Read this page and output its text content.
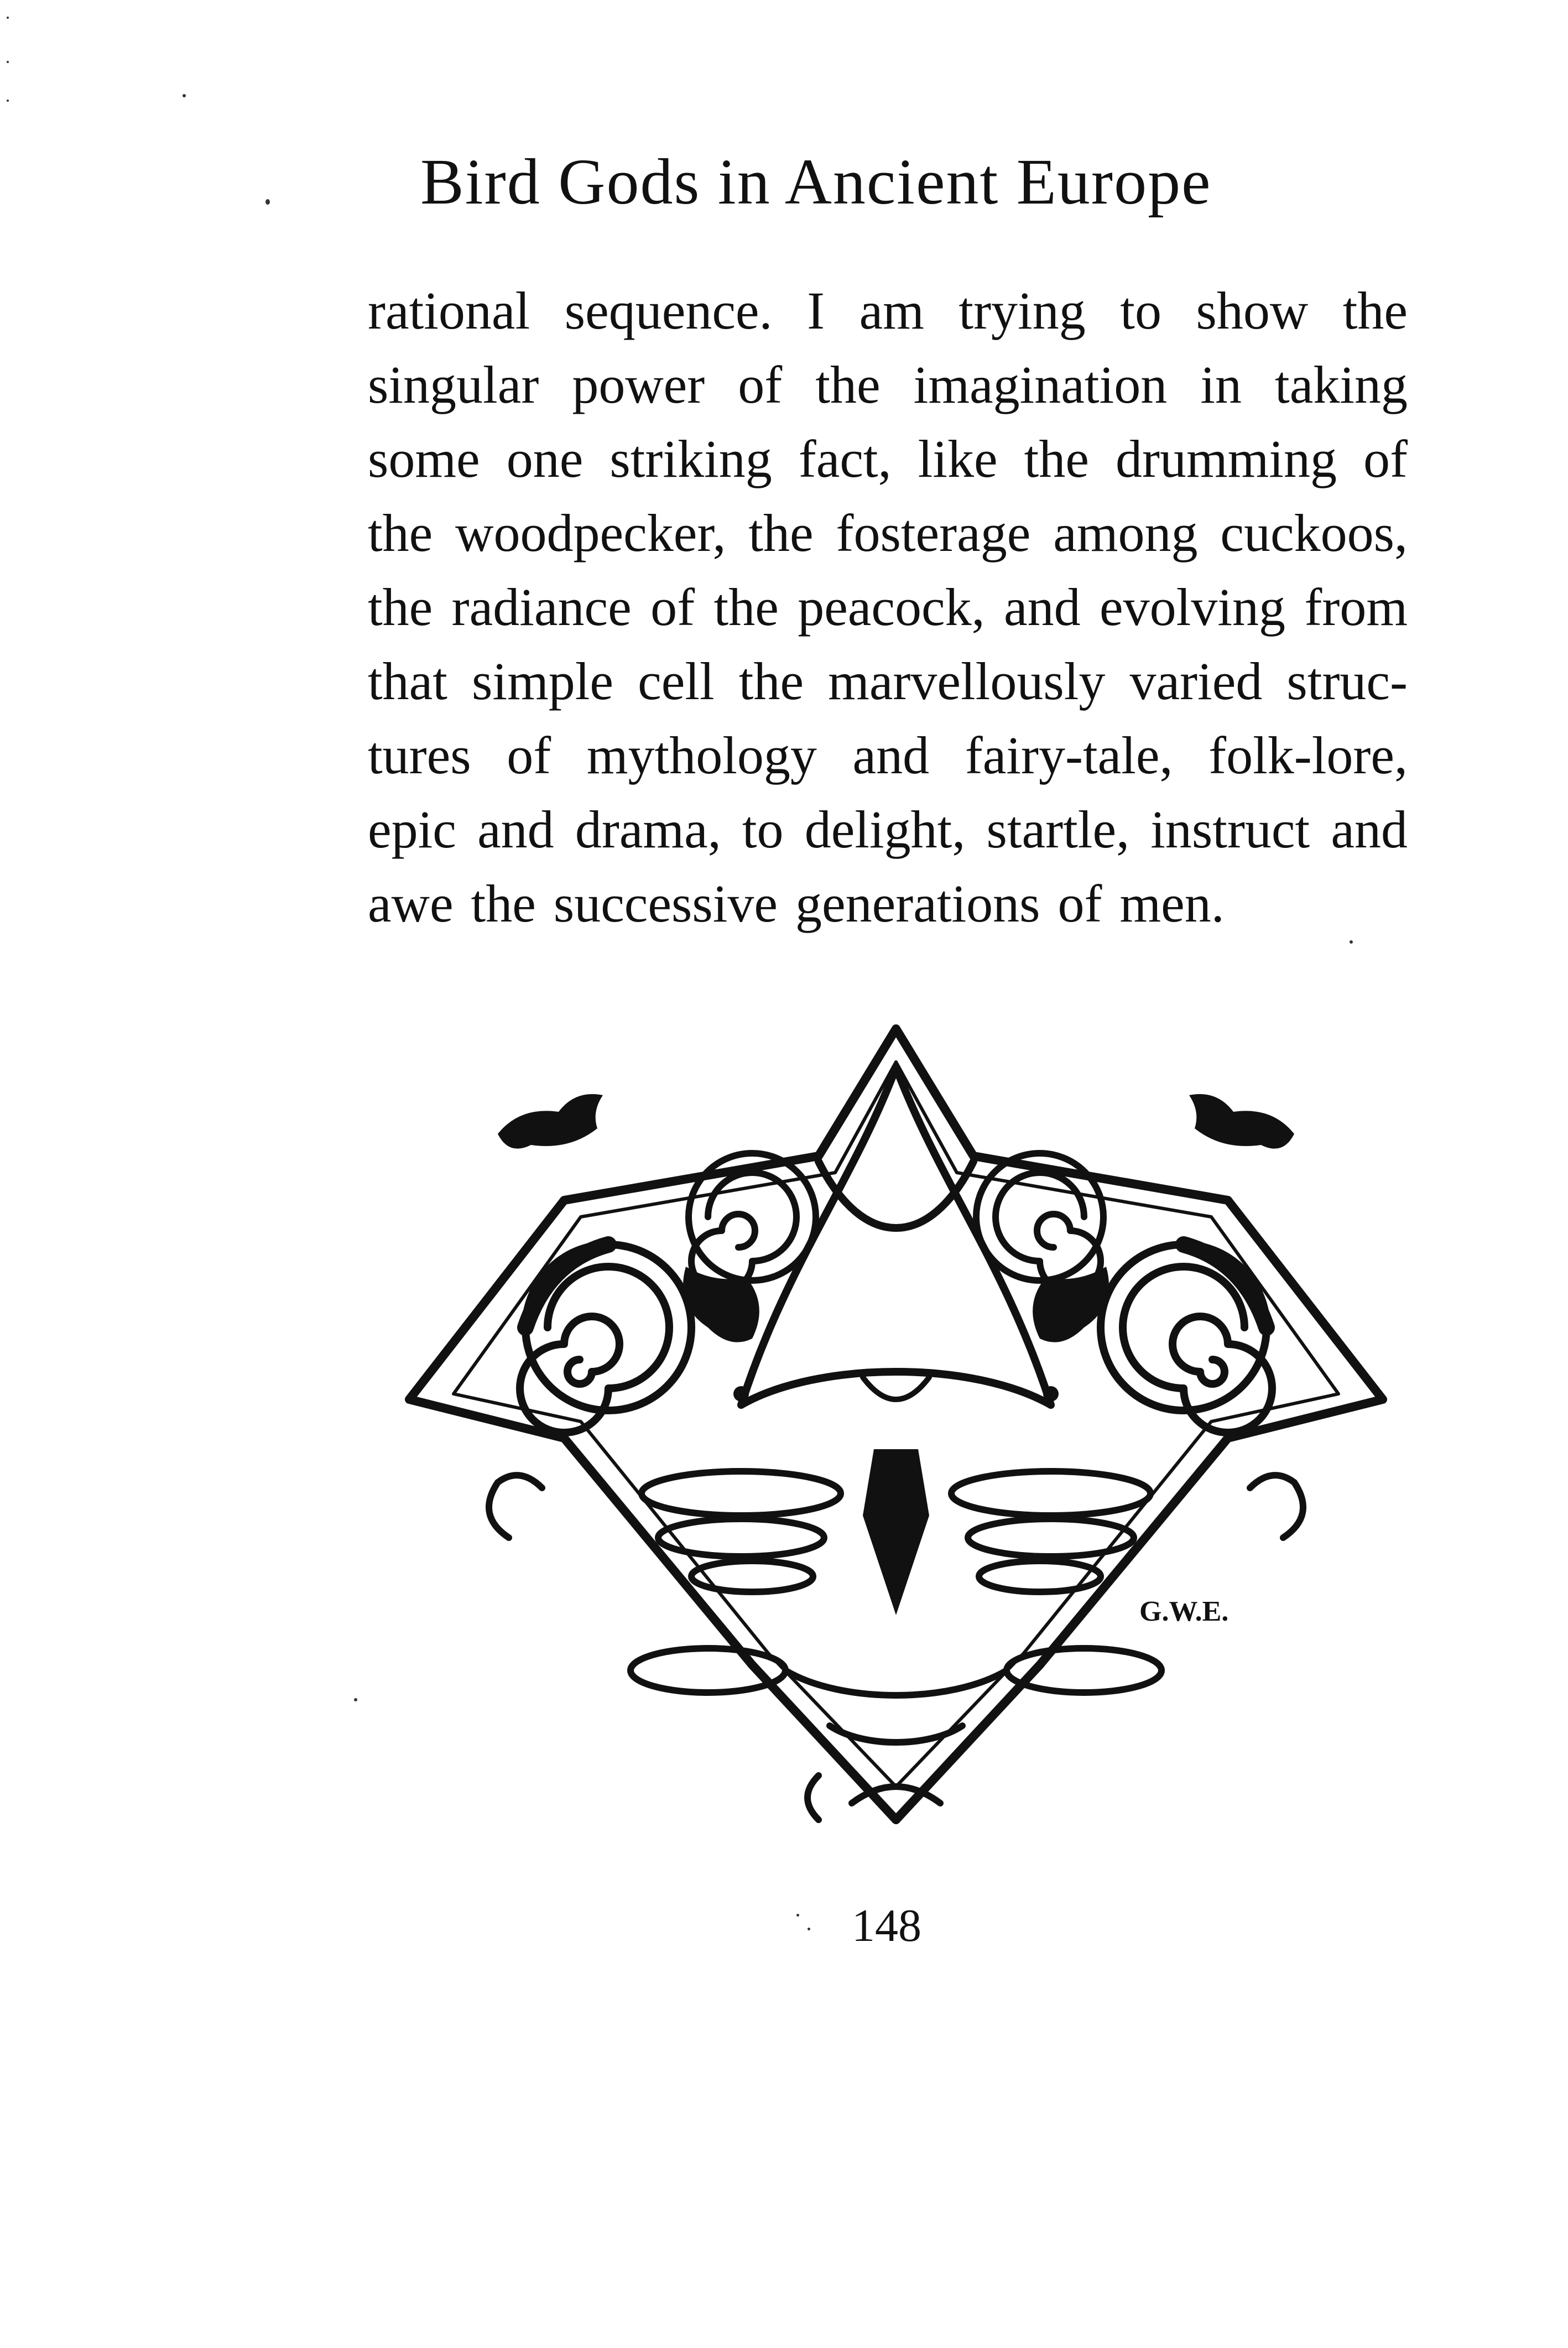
Bird Gods in Ancient Europe
rational sequence. I am trying to show the
singular power of the imagination in taking
some one striking fact, like the drumming of
the woodpecker, the fosterage among cuckoos,
the radiance of the peacock, and evolving from
that simple cell the marvellously varied struc-
tures of mythology and fairy-tale, folk-lore,
epic and drama, to delight, startle, instruct and
awe the successive generations of men.
G.W.E.
148
